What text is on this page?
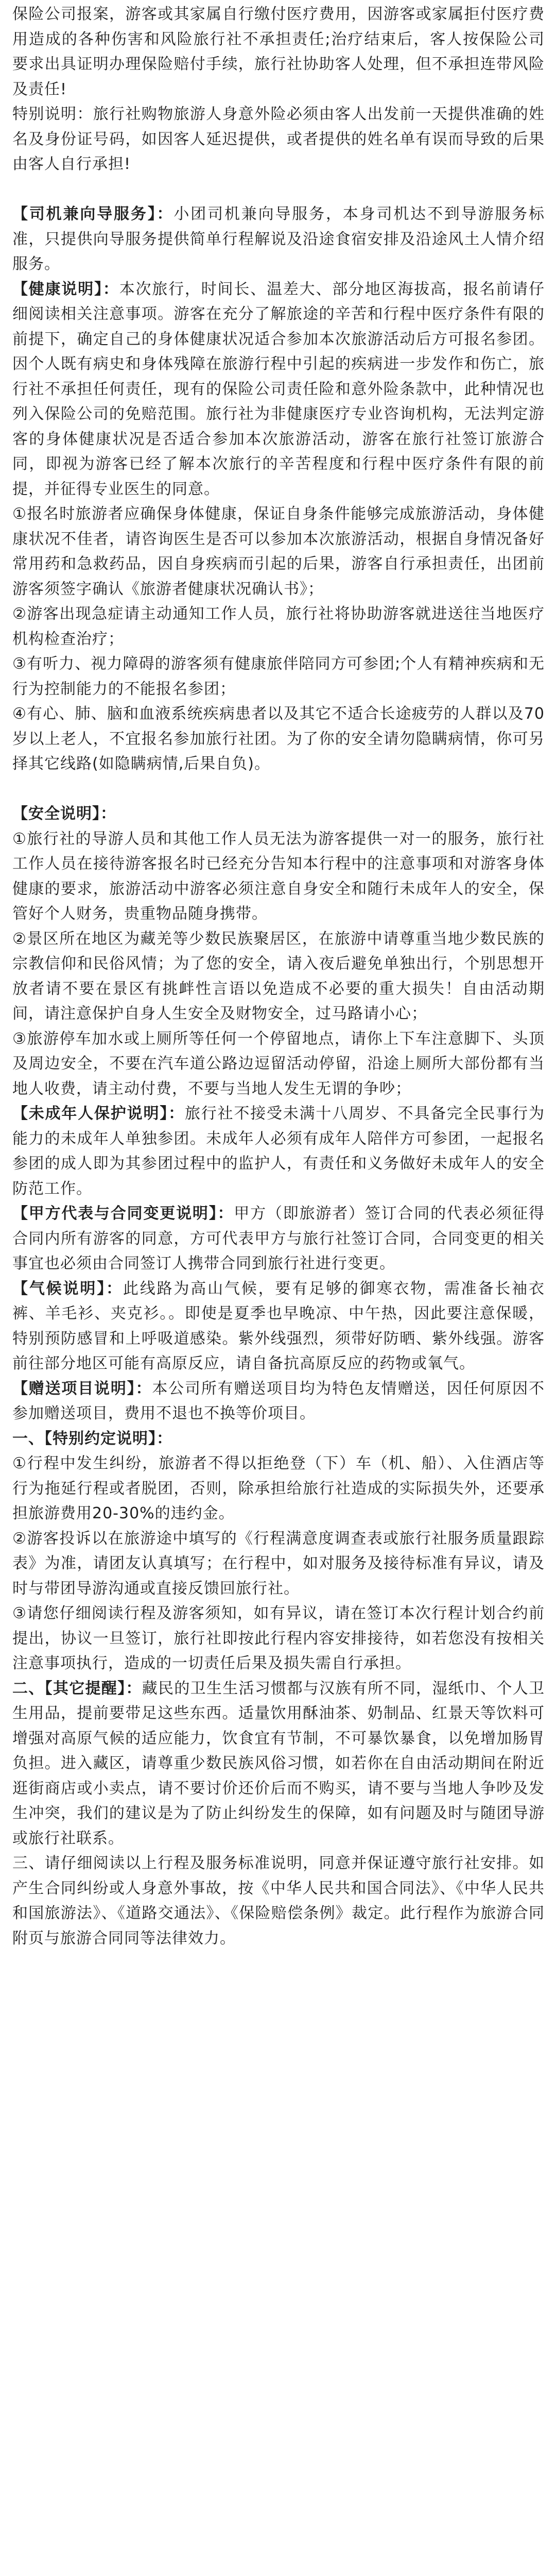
保险公司报案，游客或其家属自行缴付医疗费用，因游客或家属拒付医疗费用造成的各种伤害和风险旅行社不承担责任;治疗结束后，客人按保险公司要求出具证明办理保险赔付手续，旅行社协助客人处理，但不承担连带风险及责任!

特别说明：旅行社购物旅游人身意外险必须由客人出发前一天提供准确的姓名及身份证号码，如因客人延迟提供，或者提供的姓名单有误而导致的后果由客人自行承担!

【司机兼向导服务】：小团司机兼向导服务，本身司机达不到导游服务标准，只提供向导服务提供简单行程解说及沿途食宿安排及沿途风土人情介绍服务。

【健康说明】：本次旅行，时间长、温差大、部分地区海拔高，报名前请仔细阅读相关注意事项。游客在充分了解旅途的辛苦和行程中医疗条件有限的前提下，确定自己的身体健康状况适合参加本次旅游活动后方可报名参团。因个人既有病史和身体残障在旅游行程中引起的疾病进一步发作和伤亡，旅行社不承担任何责任，现有的保险公司责任险和意外险条款中，此种情况也列入保险公司的免赔范围。旅行社为非健康医疗专业咨询机构，无法判定游客的身体健康状况是否适合参加本次旅游活动，游客在旅行社签订旅游合同，即视为游客已经了解本次旅行的辛苦程度和行程中医疗条件有限的前提，并征得专业医生的同意。

①报名时旅游者应确保身体健康，保证自身条件能够完成旅游活动，身体健康状况不佳者，请咨询医生是否可以参加本次旅游活动，根据自身情况备好常用药和急救药品，因自身疾病而引起的后果，游客自行承担责任，出团前游客须签字确认《旅游者健康状况确认书》；

②游客出现急症请主动通知工作人员，旅行社将协助游客就进送往当地医疗机构检查治疗；

③有听力、视力障碍的游客须有健康旅伴陪同方可参团;个人有精神疾病和无行为控制能力的不能报名参团；

④有心、肺、脑和血液系统疾病患者以及其它不适合长途疲劳的人群以及70岁以上老人，不宜报名参加旅行社团。为了你的安全请勿隐瞒病情，你可另择其它线路(如隐瞒病情,后果自负)。

【安全说明】：

①旅行社的导游人员和其他工作人员无法为游客提供一对一的服务，旅行社工作人员在接待游客报名时已经充分告知本行程中的注意事项和对游客身体健康的要求，旅游活动中游客必须注意自身安全和随行未成年人的安全，保管好个人财务，贵重物品随身携带。

②景区所在地区为藏羌等少数民族聚居区，在旅游中请尊重当地少数民族的宗教信仰和民俗风情；为了您的安全，请入夜后避免单独出行，个别思想开放者请不要在景区有挑衅性言语以免造成不必要的重大损失！自由活动期间，请注意保护自身人生安全及财物安全，过马路请小心；

③旅游停车加水或上厕所等任何一个停留地点，请你上下车注意脚下、头顶及周边安全，不要在汽车道公路边逗留活动停留，沿途上厕所大部份都有当地人收费，请主动付费，不要与当地人发生无谓的争吵；

【未成年人保护说明】：旅行社不接受未满十八周岁、不具备完全民事行为能力的未成年人单独参团。未成年人必须有成年人陪伴方可参团，一起报名参团的成人即为其参团过程中的监护人，有责任和义务做好未成年人的安全防范工作。

【甲方代表与合同变更说明】：甲方（即旅游者）签订合同的代表必须征得合同内所有游客的同意，方可代表甲方与旅行社签订合同，合同变更的相关事宜也必须由合同签订人携带合同到旅行社进行变更。

【气候说明】：此线路为高山气候，要有足够的御寒衣物，需准备长袖衣裤、羊毛衫、夹克衫。。即使是夏季也早晚凉、中午热，因此要注意保暖，特别预防感冒和上呼吸道感染。紫外线强烈，须带好防晒、紫外线强。游客前往部分地区可能有高原反应，请自备抗高原反应的药物或氧气。

【赠送项目说明】：本公司所有赠送项目均为特色友情赠送，因任何原因不参加赠送项目，费用不退也不换等价项目。

一、【特别约定说明】：

①行程中发生纠纷，旅游者不得以拒绝登（下）车（机、船）、入住酒店等行为拖延行程或者脱团，否则，除承担给旅行社造成的实际损失外，还要承担旅游费用20-30%的违约金。

②游客投诉以在旅游途中填写的《行程满意度调查表或旅行社服务质量跟踪表》为准，请团友认真填写；在行程中，如对服务及接待标准有异议，请及时与带团导游沟通或直接反馈回旅行社。

③请您仔细阅读行程及游客须知，如有异议，请在签订本次行程计划合约前提出，协议一旦签订，旅行社即按此行程内容安排接待，如若您没有按相关注意事项执行，造成的一切责任后果及损失需自行承担。

二、【其它提醒】：藏民的卫生生活习惯都与汉族有所不同，湿纸巾、个人卫生用品，提前要带足这些东西。适量饮用酥油茶、奶制品、红景天等饮料可增强对高原气候的适应能力，饮食宜有节制，不可暴饮暴食，以免增加肠胃负担。进入藏区，请尊重少数民族风俗习惯，如若你在自由活动期间在附近逛街商店或小卖点，请不要讨价还价后而不购买，请不要与当地人争吵及发生冲突，我们的建议是为了防止纠纷发生的保障，如有问题及时与随团导游或旅行社联系。

三、请仔细阅读以上行程及服务标准说明，同意并保证遵守旅行社安排。如产生合同纠纷或人身意外事故，按《中华人民共和国合同法》、《中华人民共和国旅游法》、《道路交通法》、《保险赔偿条例》裁定。此行程作为旅游合同附页与旅游合同同等法律效力。
